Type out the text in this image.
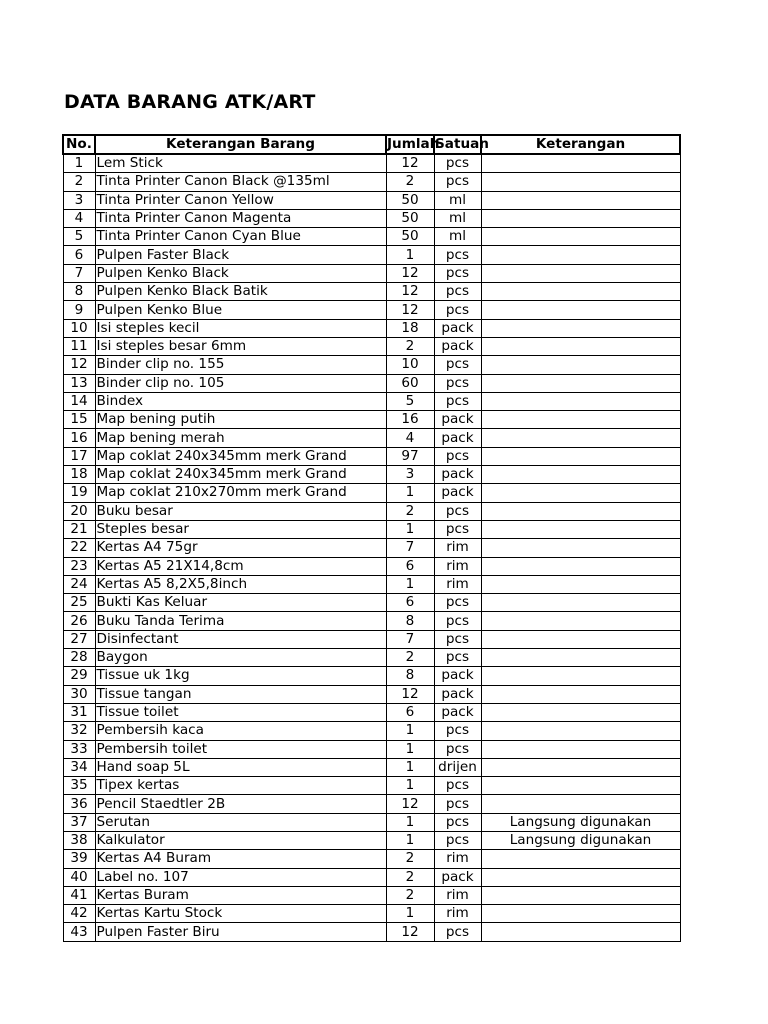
DATA BARANG ATK/ART
No.	Keterangan Barang	Jumlah	Satuan	Keterangan
1	Lem Stick	12	pcs	
2	Tinta Printer Canon Black @135ml	2	pcs	
3	Tinta Printer Canon Yellow	50	ml	
4	Tinta Printer Canon Magenta	50	ml	
5	Tinta Printer Canon Cyan Blue	50	ml	
6	Pulpen Faster Black	1	pcs	
7	Pulpen Kenko Black	12	pcs	
8	Pulpen Kenko Black Batik	12	pcs	
9	Pulpen Kenko Blue	12	pcs	
10	Isi steples kecil	18	pack	
11	Isi steples besar 6mm	2	pack	
12	Binder clip no. 155	10	pcs	
13	Binder clip no. 105	60	pcs	
14	Bindex	5	pcs	
15	Map bening putih	16	pack	
16	Map bening merah	4	pack	
17	Map coklat 240x345mm merk Grand	97	pcs	
18	Map coklat 240x345mm merk Grand	3	pack	
19	Map coklat 210x270mm merk Grand	1	pack	
20	Buku besar	2	pcs	
21	Steples besar	1	pcs	
22	Kertas A4 75gr	7	rim	
23	Kertas A5 21X14,8cm	6	rim	
24	Kertas A5 8,2X5,8inch	1	rim	
25	Bukti Kas Keluar	6	pcs	
26	Buku Tanda Terima	8	pcs	
27	Disinfectant	7	pcs	
28	Baygon	2	pcs	
29	Tissue uk 1kg	8	pack	
30	Tissue tangan	12	pack	
31	Tissue toilet	6	pack	
32	Pembersih kaca	1	pcs	
33	Pembersih toilet	1	pcs	
34	Hand soap 5L	1	drijen	
35	Tipex kertas	1	pcs	
36	Pencil Staedtler 2B	12	pcs	
37	Serutan	1	pcs	Langsung digunakan
38	Kalkulator	1	pcs	Langsung digunakan
39	Kertas A4 Buram	2	rim	
40	Label no. 107	2	pack	
41	Kertas Buram	2	rim	
42	Kertas Kartu Stock	1	rim	
43	Pulpen Faster Biru	12	pcs	
